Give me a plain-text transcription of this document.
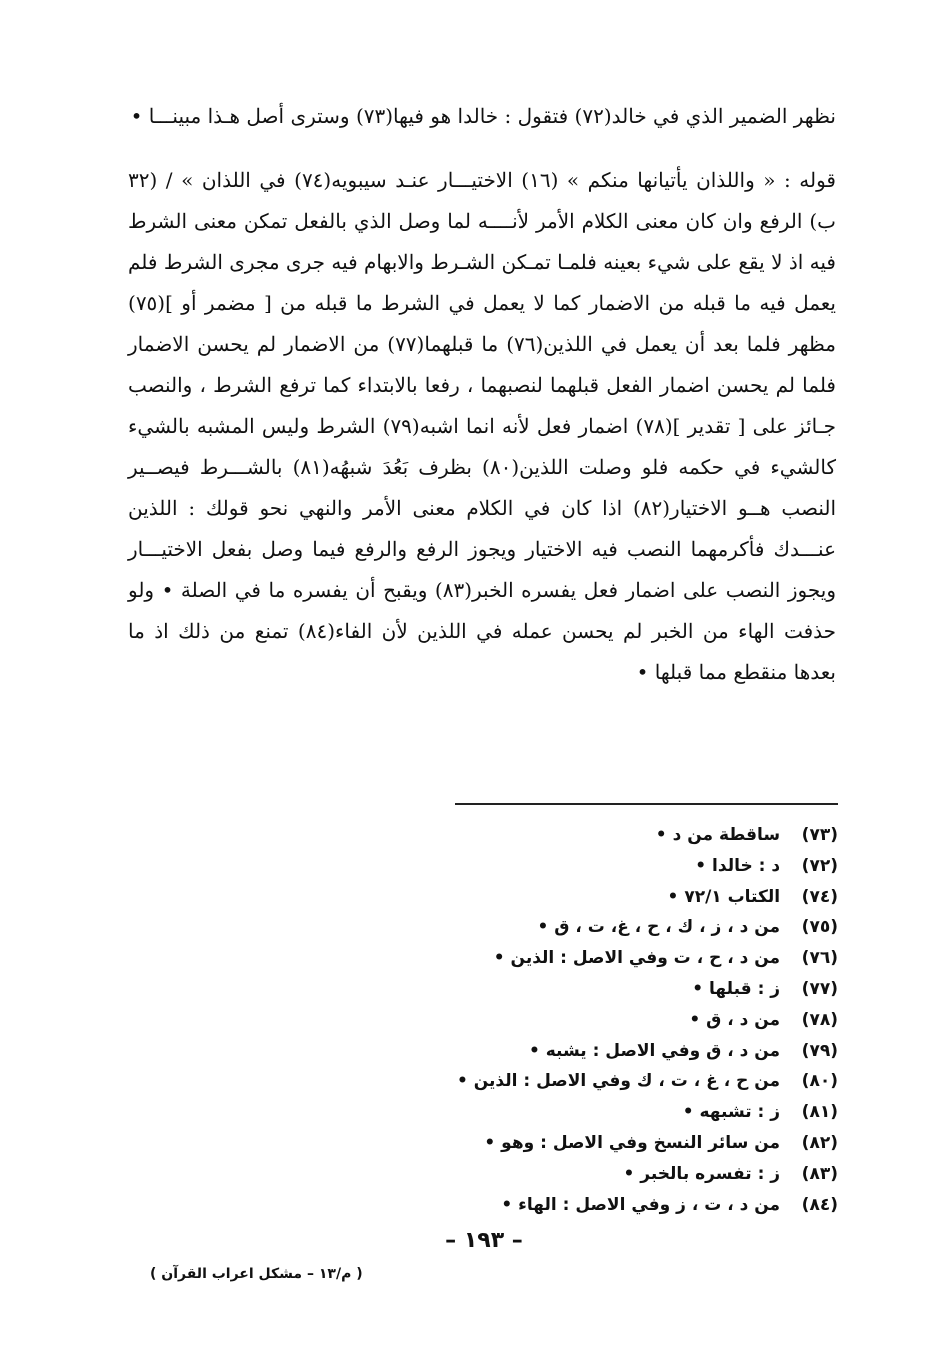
نظهر الضمير الذي في خالد(٧٢) فتقول : خالدا هو فيها(٧٣) وسترى أصل هـذا مبينـــا •

قوله : « واللذان يأتيانها منكم » (١٦) الاختيـــار عنـد سيبويه(٧٤) في اللذان » / (٣٢ ب) الرفع وان كان معنى الكلام الأمر لأنــــه لما وصل الذي بالفعل تمكن معنى الشرط فيه اذ لا يقع على شيء بعينه فلمـا تمـكن الشـرط والابهام فيه جرى مجرى الشرط فلم يعمل فيه ما قبله من الاضمار كما لا يعمل في الشرط ما قبله من [ مضمر أو ](٧٥) مظهر فلما بعد أن يعمل في اللذين(٧٦) ما قبلهما(٧٧) من الاضمار لم يحسن الاضمار فلما لم يحسن اضمار الفعل قبلهما لنصبهما ، رفعا بالابتداء كما ترفع الشرط ، والنصب جـائز على [ تقدير ](٧٨) اضمار فعل لأنه انما اشبه(٧٩) الشرط وليس المشبه بالشيء كالشيء في حكمه فلو وصلت اللذين(٨٠) بظرف بَعُدَ شبهُه(٨١) بالشـــرط فيصــير النصب هــو الاختيار(٨٢) اذا كان في الكلام معنى الأمر والنهي نحو قولك : اللذين عنـــدك فأكرمهما النصب فيه الاختيار ويجوز الرفع والرفع فيما وصل بفعل الاختيـــار ويجوز النصب على اضمار فعل يفسره الخبر(٨٣) ويقبح أن يفسره ما في الصلة • ولو حذفت الهاء من الخبر لم يحسن عمله في اللذين لأن الفاء(٨٤) تمنع من ذلك اذ ما بعدها منقطع مما قبلها •

(٧٣) ساقطة من د •
(٧٢) د : خالدا •
(٧٤) الكتاب ٧٢/١ •
(٧٥) من د ، ز ، ك ، ح ، غ، ت ، ق •
(٧٦) من د ، ح ، ت وفي الاصل : الذين •
(٧٧) ز : قبلها •
(٧٨) من د ، ق •
(٧٩) من د ، ق وفي الاصل : يشبه •
(٨٠) من ح ، غ ، ت ، ك وفي الاصل : الذين •
(٨١) ز : تشبهه •
(٨٢) من سائر النسخ وفي الاصل : وهو •
(٨٣) ز : تفسره بالخبر •
(٨٤) من د ، ت ، ز وفي الاصل : الهاء •

– ١٩٣ –

( م/١٣ – مشكل اعراب القرآن )
